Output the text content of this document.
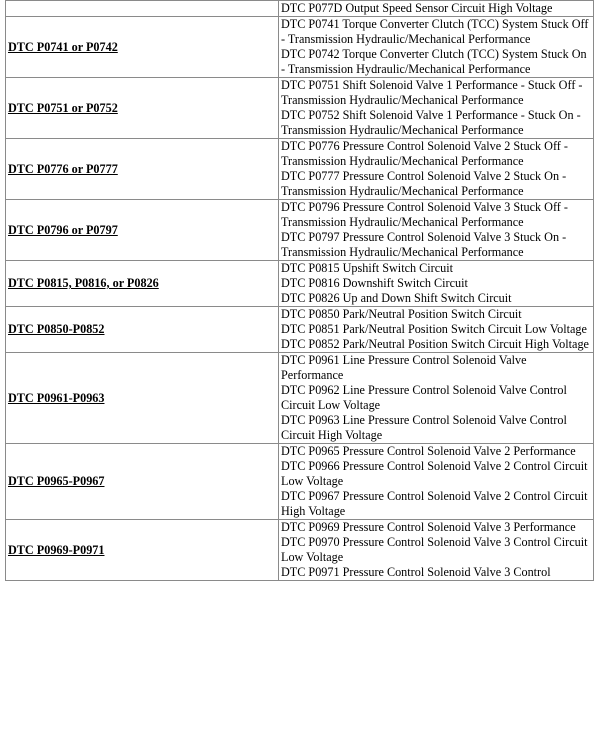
	DTC P077D Output Speed Sensor Circuit High Voltage

DTC P0741 or P0742	DTC P0741 Torque Converter Clutch (TCC) System Stuck Off - Transmission Hydraulic/Mechanical Performance
DTC P0742 Torque Converter Clutch (TCC) System Stuck On - Transmission Hydraulic/Mechanical Performance

DTC P0751 or P0752	DTC P0751 Shift Solenoid Valve 1 Performance - Stuck Off - Transmission Hydraulic/Mechanical Performance
DTC P0752 Shift Solenoid Valve 1 Performance - Stuck On - Transmission Hydraulic/Mechanical Performance

DTC P0776 or P0777	DTC P0776 Pressure Control Solenoid Valve 2 Stuck Off - Transmission Hydraulic/Mechanical Performance
DTC P0777 Pressure Control Solenoid Valve 2 Stuck On - Transmission Hydraulic/Mechanical Performance

DTC P0796 or P0797	DTC P0796 Pressure Control Solenoid Valve 3 Stuck Off - Transmission Hydraulic/Mechanical Performance
DTC P0797 Pressure Control Solenoid Valve 3 Stuck On - Transmission Hydraulic/Mechanical Performance

DTC P0815, P0816, or P0826	DTC P0815 Upshift Switch Circuit
DTC P0816 Downshift Switch Circuit
DTC P0826 Up and Down Shift Switch Circuit

DTC P0850-P0852	DTC P0850 Park/Neutral Position Switch Circuit
DTC P0851 Park/Neutral Position Switch Circuit Low Voltage
DTC P0852 Park/Neutral Position Switch Circuit High Voltage

DTC P0961-P0963	DTC P0961 Line Pressure Control Solenoid Valve Performance
DTC P0962 Line Pressure Control Solenoid Valve Control Circuit Low Voltage
DTC P0963 Line Pressure Control Solenoid Valve Control Circuit High Voltage

DTC P0965-P0967	DTC P0965 Pressure Control Solenoid Valve 2 Performance
DTC P0966 Pressure Control Solenoid Valve 2 Control Circuit Low Voltage
DTC P0967 Pressure Control Solenoid Valve 2 Control Circuit High Voltage

DTC P0969-P0971	DTC P0969 Pressure Control Solenoid Valve 3 Performance
DTC P0970 Pressure Control Solenoid Valve 3 Control Circuit Low Voltage
DTC P0971 Pressure Control Solenoid Valve 3 Control
